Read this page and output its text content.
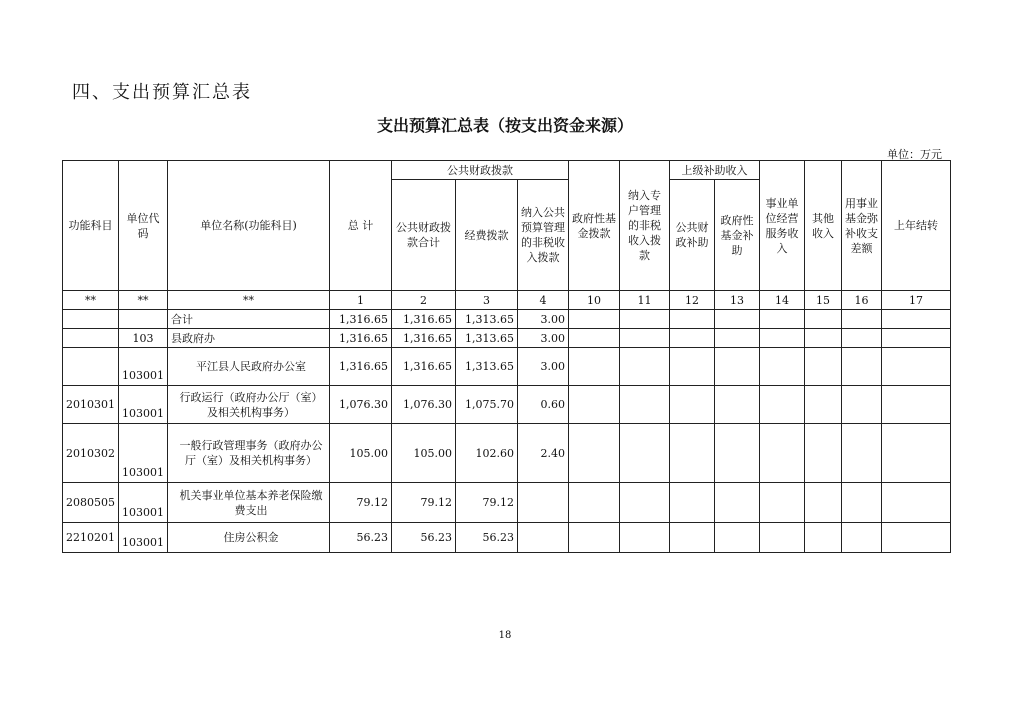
四、支出预算汇总表
支出预算汇总表（按支出资金来源）
单位：万元
功能科目	单位代码	单位名称(功能科目)	总 计	公共财政拨款			政府性基金拨款	纳入专户管理的非税收入拨款	上级补助收入		事业单位经营服务收入	其他收入	用事业基金弥补收支差额	上年结转
				公共财政拨款合计	经费拨款	纳入公共预算管理的非税收入拨款			公共财政补助	政府性基金补助				
**	**	**	1	2	3	4	10	11	12	13	14	15	16	17
		合计	1,316.65	1,316.65	1,313.65	3.00								
	103	县政府办	1,316.65	1,316.65	1,313.65	3.00								
	103001	平江县人民政府办公室	1,316.65	1,316.65	1,313.65	3.00								
2010301	103001	行政运行（政府办公厅（室）及相关机构事务）	1,076.30	1,076.30	1,075.70	0.60								
2010302	103001	一般行政管理事务（政府办公厅（室）及相关机构事务）	105.00	105.00	102.60	2.40								
2080505	103001	机关事业单位基本养老保险缴费支出	79.12	79.12	79.12									
2210201	103001	住房公积金	56.23	56.23	56.23									
18
